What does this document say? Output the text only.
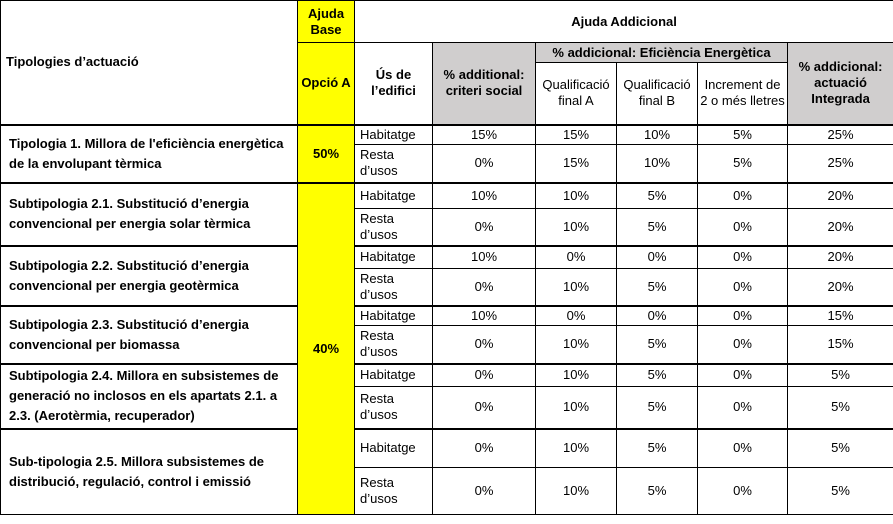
Tipologies d’actuació	Ajuda Base	Ajuda Addicional					
	Opció A	Ús de l’edifici	% additional: criteri social	% addicional: Eficiència Energètica			% addicional: actuació Integrada
				Qualificació final A	Qualificació final B	Increment de 2 o més lletres	
Tipologia 1. Millora de l'eficiència energètica de la envolupant tèrmica	50%	Habitatge	15%	15%	10%	5%	25%
		Resta d’usos	0%	15%	10%	5%	25%
Subtipologia 2.1. Substitució d’energia convencional per energia solar tèrmica	40%	Habitatge	10%	10%	5%	0%	20%
		Resta d’usos	0%	10%	5%	0%	20%
Subtipologia 2.2. Substitució d’energia convencional per energia geotèrmica		Habitatge	10%	0%	0%	0%	20%
		Resta d’usos	0%	10%	5%	0%	20%
Subtipologia 2.3. Substitució d’energia convencional per biomassa		Habitatge	10%	0%	0%	0%	15%
		Resta d’usos	0%	10%	5%	0%	15%
Subtipologia 2.4. Millora en subsistemes de generació no inclosos en els apartats 2.1. a 2.3. (Aerotèrmia, recuperador)		Habitatge	0%	10%	5%	0%	5%
		Resta d’usos	0%	10%	5%	0%	5%
Sub-tipologia 2.5. Millora subsistemes de distribució, regulació, control i emissió		Habitatge	0%	10%	5%	0%	5%
		Resta d’usos	0%	10%	5%	0%	5%
